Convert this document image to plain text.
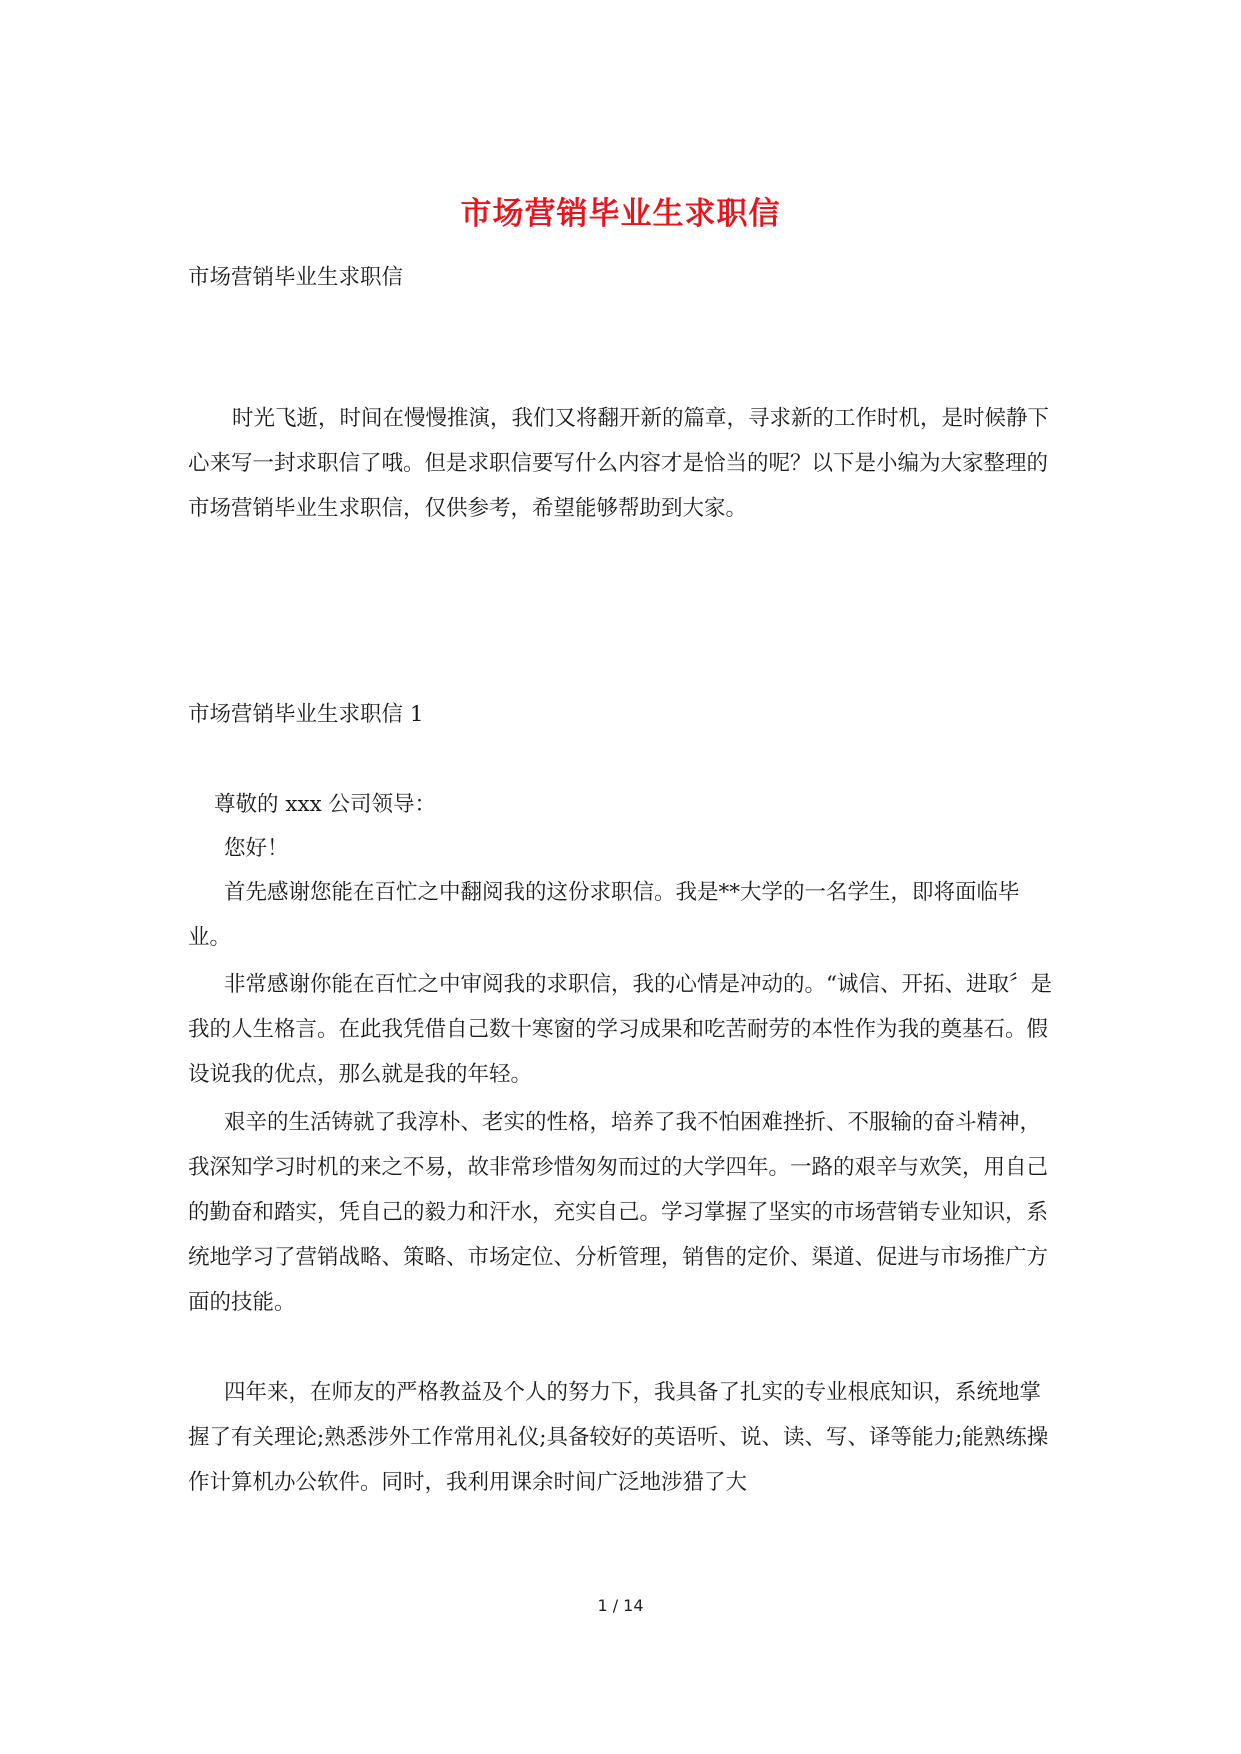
市场营销毕业生求职信
市场营销毕业生求职信
时光飞逝，时间在慢慢推演，我们又将翻开新的篇章，寻求新的工作时机，是时候静下心来写一封求职信了哦。但是求职信要写什么内容才是恰当的呢？以下是小编为大家整理的市场营销毕业生求职信，仅供参考，希望能够帮助到大家。
市场营销毕业生求职信 1
尊敬的 xxx 公司领导：
您好！
首先感谢您能在百忙之中翻阅我的这份求职信。我是**大学的一名学生，即将面临毕业。
非常感谢你能在百忙之中审阅我的求职信，我的心情是冲动的。“诚信、开拓、进取〞是我的人生格言。在此我凭借自己数十寒窗的学习成果和吃苦耐劳的本性作为我的奠基石。假设说我的优点，那么就是我的年轻。
艰辛的生活铸就了我淳朴、老实的性格，培养了我不怕困难挫折、不服输的奋斗精神，我深知学习时机的来之不易，故非常珍惜匆匆而过的大学四年。一路的艰辛与欢笑，用自己的勤奋和踏实，凭自己的毅力和汗水，充实自己。学习掌握了坚实的市场营销专业知识，系统地学习了营销战略、策略、市场定位、分析管理，销售的定价、渠道、促进与市场推广方面的技能。
四年来，在师友的严格教益及个人的努力下，我具备了扎实的专业根底知识，系统地掌握了有关理论;熟悉涉外工作常用礼仪;具备较好的英语听、说、读、写、译等能力;能熟练操作计算机办公软件。同时，我利用课余时间广泛地涉猎了大
1 / 14
